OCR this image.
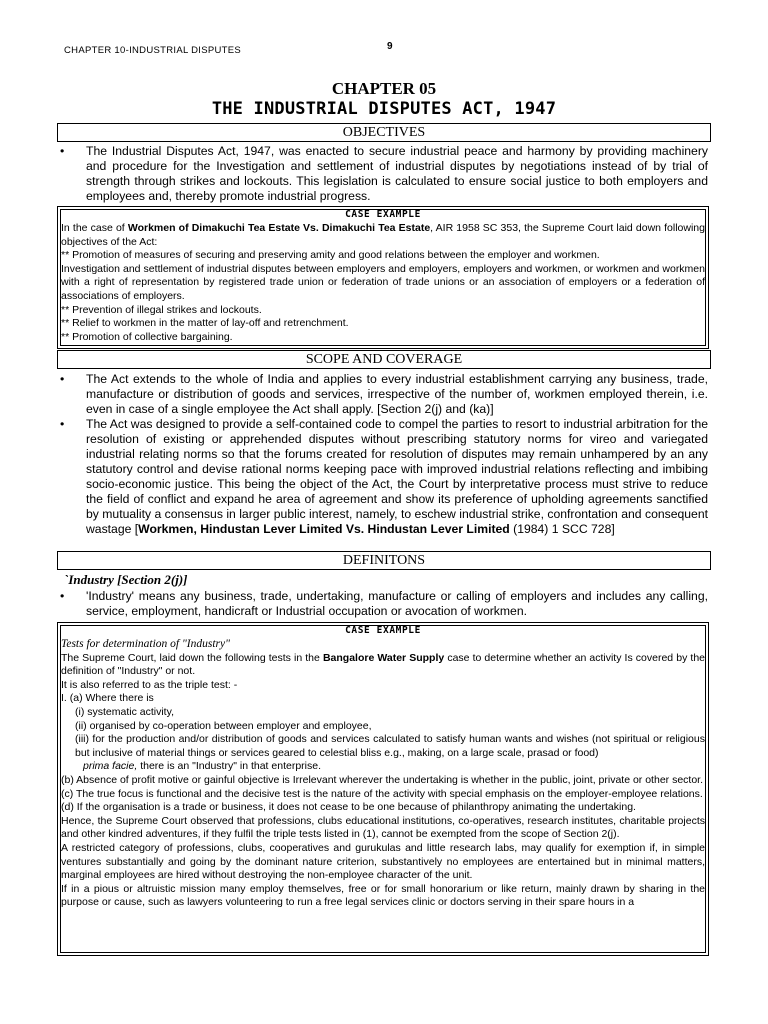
CHAPTER 10-INDUSTRIAL DISPUTES	9
CHAPTER 05
THE INDUSTRIAL DISPUTES ACT, 1947
OBJECTIVES
• The Industrial Disputes Act, 1947, was enacted to secure industrial peace and harmony by providing machinery and procedure for the Investigation and settlement of industrial disputes by negotiations instead of by trial of strength through strikes and lockouts. This legislation is calculated to ensure social justice to both employers and employees and, thereby promote industrial progress.
CASE EXAMPLE

In the case of Workmen of Dimakuchi Tea Estate Vs. Dimakuchi Tea Estate, AIR 1958 SC 353, the Supreme Court laid down following objectives of the Act:

** Promotion of measures of securing and preserving amity and good relations between the employer and workmen.

Investigation and settlement of industrial disputes between employers and employers, employers and workmen, or workmen and workmen with a right of representation by registered trade union or federation of trade unions or an association of employers or a federation of associations of employers.

** Prevention of illegal strikes and lockouts.

** Relief to workmen in the matter of lay-off and retrenchment.

** Promotion of collective bargaining.

SCOPE AND COVERAGE
• The Act extends to the whole of India and applies to every industrial establishment carrying any business, trade, manufacture or distribution of goods and services, irrespective of the number of, workmen employed therein, i.e. even in case of a single employee the Act shall apply. [Section 2(j) and (ka)]
• The Act was designed to provide a self-contained code to compel the parties to resort to industrial arbitration for the resolution of existing or apprehended disputes without prescribing statutory norms for vireo and variegated industrial relating norms so that the forums created for resolution of disputes may remain unhampered by an any statutory control and devise rational norms keeping pace with improved industrial relations reflecting and imbibing socio-economic justice. This being the object of the Act, the Court by interpretative process must strive to reduce the field of conflict and expand he area of agreement and show its preference of upholding agreements sanctified by mutuality a consensus in larger public interest, namely, to eschew industrial strike, confrontation and consequent wastage [Workmen, Hindustan Lever Limited Vs. Hindustan Lever Limited (1984) 1 SCC 728]
DEFINITONS
`Industry [Section 2(j)]
• 'Industry' means any business, trade, undertaking, manufacture or calling of employers and includes any calling, service, employment, handicraft or Industrial occupation or avocation of workmen.
CASE EXAMPLE

Tests for determination of "Industry"

The Supreme Court, laid down the following tests in the Bangalore Water Supply case to determine whether an activity Is covered by the definition of "Industry" or not.

It is also referred to as the triple test: -

I. (a) Where there is

(i) systematic activity,

(ii) organised by co-operation between employer and employee,

(iii) for the production and/or distribution of goods and services calculated to satisfy human wants and wishes (not spiritual or religious but inclusive of material things or services geared to celestial bliss e.g., making, on a large scale, prasad or food)

prima facie, there is an "Industry" in that enterprise.

(b) Absence of profit motive or gainful objective is Irrelevant wherever the undertaking is whether in the public, joint, private or other sector.

(c) The true focus is functional and the decisive test is the nature of the activity with special emphasis on the employer-employee relations.

(d) If the organisation is a trade or business, it does not cease to be one because of philanthropy animating the undertaking.

Hence, the Supreme Court observed that professions, clubs educational institutions, co-operatives, research institutes, charitable projects and other kindred adventures, if they fulfil the triple tests listed in (1), cannot be exempted from the scope of Section 2(j).

A restricted category of professions, clubs, cooperatives and gurukulas and little research labs, may qualify for exemption if, in simple ventures substantially and going by the dominant nature criterion, substantively no employees are entertained but in minimal matters, marginal employees are hired without destroying the non-employee character of the unit.

If in a pious or altruistic mission many employ themselves, free or for small honorarium or like return, mainly drawn by sharing in the purpose or cause, such as lawyers volunteering to run a free legal services clinic or doctors serving in their spare hours in a
